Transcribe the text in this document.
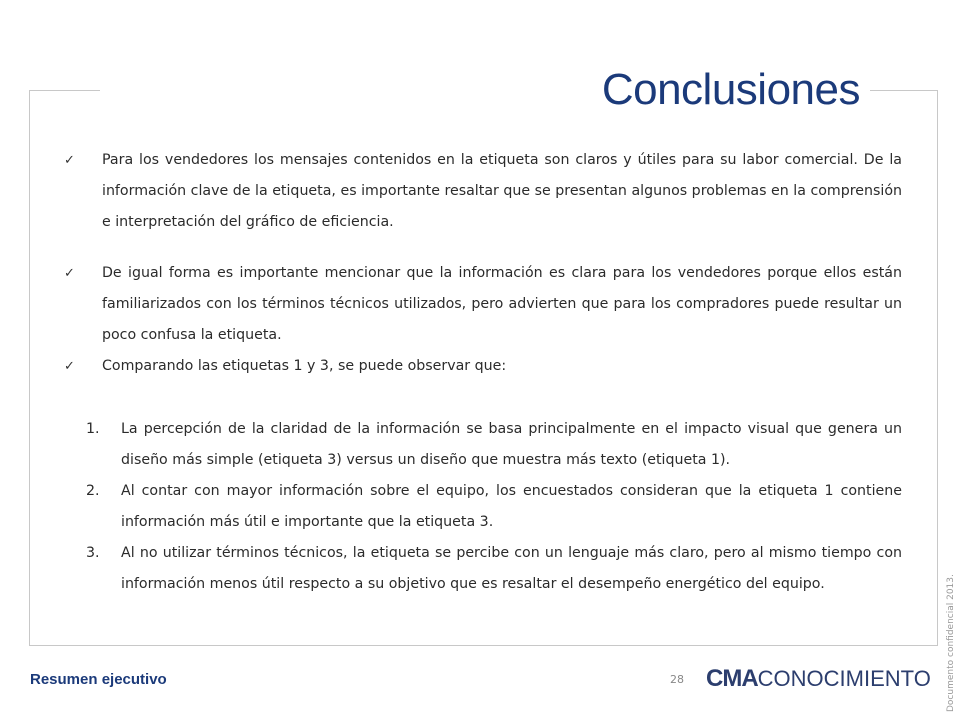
Conclusiones

✓ Para los vendedores los mensajes contenidos en la etiqueta son claros y útiles para su labor comercial. De la información clave de la etiqueta, es importante resaltar que se presentan algunos problemas en la comprensión e interpretación del gráfico de eficiencia.

✓ De igual forma es importante mencionar que la información es clara para los vendedores porque ellos están familiarizados con los términos técnicos utilizados, pero advierten que para los compradores puede resultar un poco confusa la etiqueta.

✓ Comparando las etiquetas 1 y 3, se puede observar que:

1. La percepción de la claridad de la información se basa principalmente en el impacto visual que genera un diseño más simple (etiqueta 3) versus un diseño que muestra más texto (etiqueta 1).
2. Al contar con mayor información sobre el equipo, los encuestados consideran que la etiqueta 1 contiene información más útil e importante que la etiqueta 3.
3. Al no utilizar términos técnicos, la etiqueta se percibe con un lenguaje más claro, pero al mismo tiempo con información menos útil respecto a su objetivo que es resaltar el desempeño energético del equipo.
Resumen ejecutivo	28 CMA CONOCIMIENTO Documento confidencial 2013.
